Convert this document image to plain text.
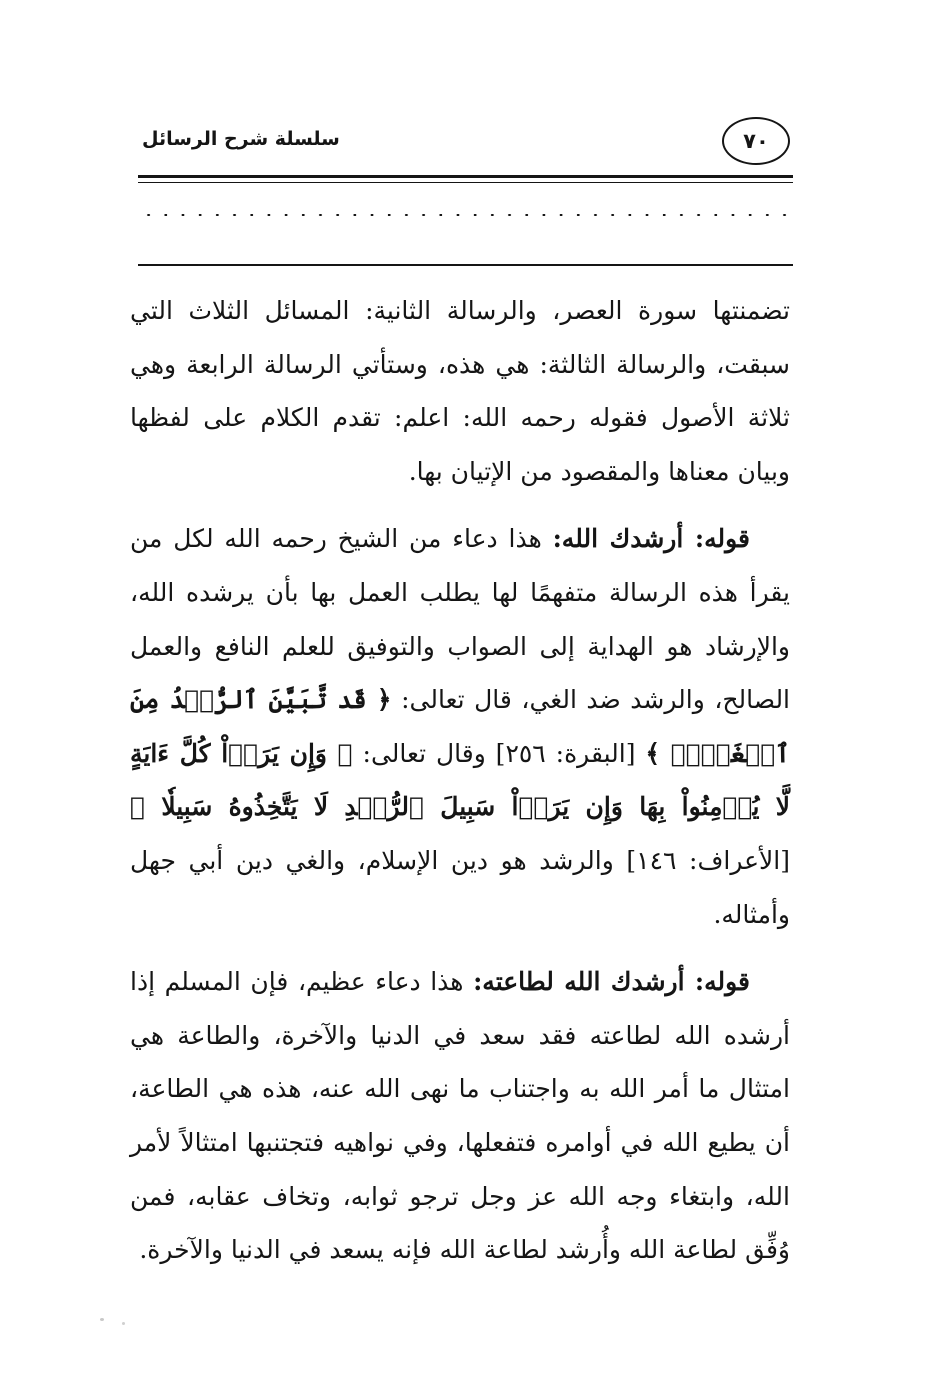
سلسلة شرح الرسائل	٧٠

تضمنتها سورة العصر، والرسالة الثانية: المسائل الثلاث التي سبقت، والرسالة الثالثة: هي هذه، وستأتي الرسالة الرابعة وهي ثلاثة الأصول فقوله رحمه الله: اعلم: تقدم الكلام على لفظها وبيان معناها والمقصود من الإتيان بها.

قوله: أرشدك الله: هذا دعاء من الشيخ رحمه الله لكل من يقرأ هذه الرسالة متفهمًا لها يطلب العمل بها بأن يرشده الله، والإرشاد هو الهداية إلى الصواب والتوفيق للعلم النافع والعمل الصالح، والرشد ضد الغي، قال تعالى: ﴿ قَد تَّبَيَّنَ ٱلرُّشۡدُ مِنَ ٱلۡغَيِّۚ ﴾ [البقرة: ٢٥٦] وقال تعالى: ﴿ وَإِن يَرَوۡاْ كُلَّ ءَايَةٍ لَّا يُؤۡمِنُواْ بِهَا وَإِن يَرَوۡاْ سَبِيلَ ٱلرُّشۡدِ لَا يَتَّخِذُوهُ سَبِيلٗا ﴾ [الأعراف: ١٤٦] والرشد هو دين الإسلام، والغي دين أبي جهل وأمثاله.

قوله: أرشدك الله لطاعته: هذا دعاء عظيم، فإن المسلم إذا أرشده الله لطاعته فقد سعد في الدنيا والآخرة، والطاعة هي امتثال ما أمر الله به واجتناب ما نهى الله عنه، هذه هي الطاعة، أن يطيع الله في أوامره فتفعلها، وفي نواهيه فتجتنبها امتثالاً لأمر الله، وابتغاء وجه الله عز وجل ترجو ثوابه، وتخاف عقابه، فمن وُفِّق لطاعة الله وأُرشد لطاعة الله فإنه يسعد في الدنيا والآخرة.
